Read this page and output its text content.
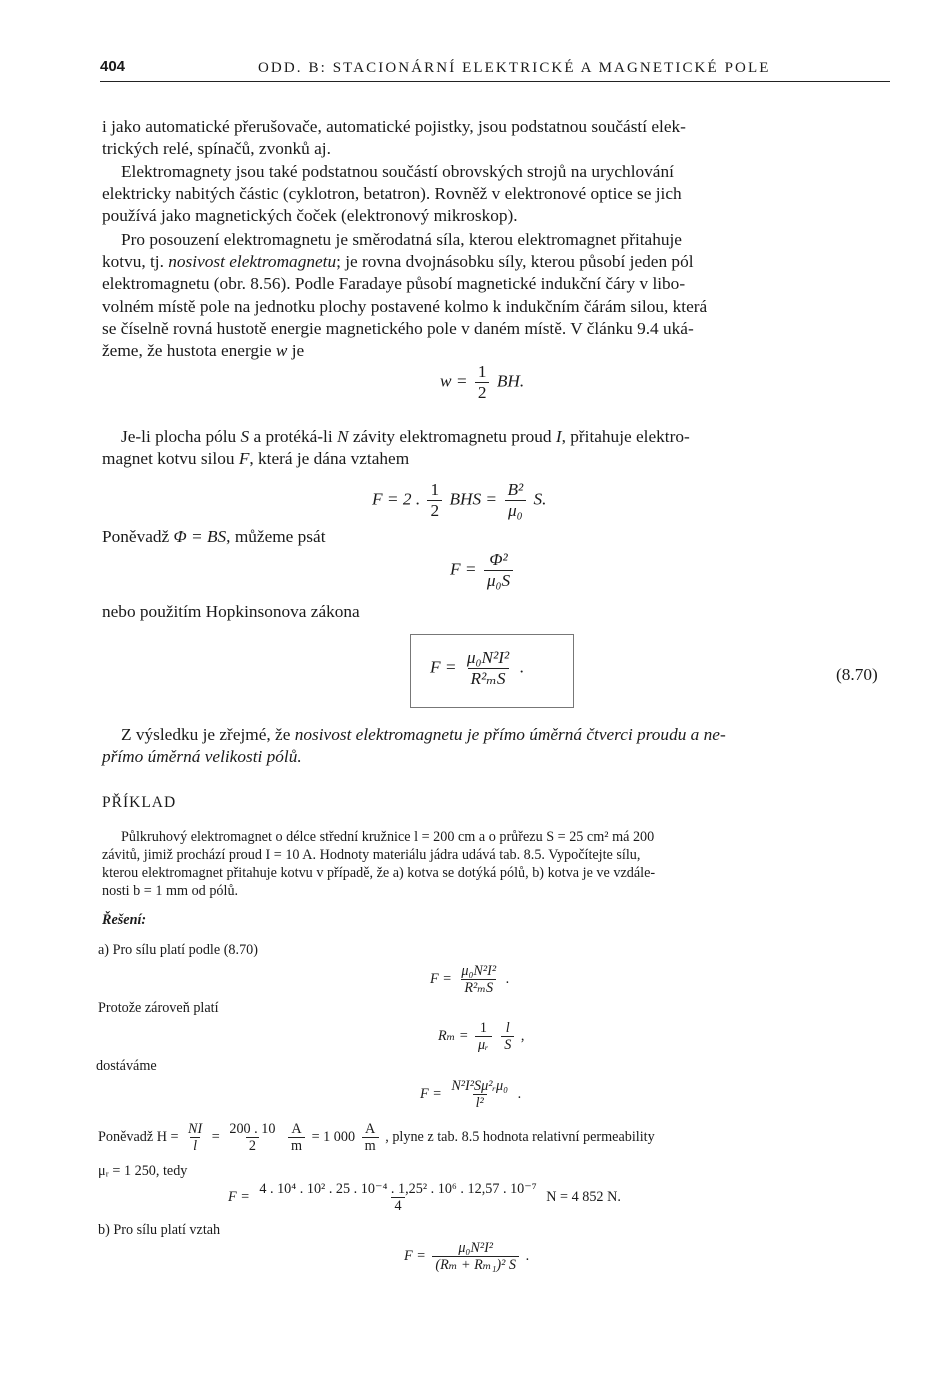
404	ODD. B: STACIONÁRNÍ ELEKTRICKÉ A MAGNETICKÉ POLE
i jako automatické přerušovače, automatické pojistky, jsou podstatnou součástí elek-
trických relé, spínačů, zvonků aj.
Elektromagnety jsou také podstatnou součástí obrovských strojů na urychlování
elektricky nabitých částic (cyklotron, betatron). Rovněž v elektronové optice se jich
používá jako magnetických čoček (elektronový mikroskop).
Pro posouzení elektromagnetu je směrodatná síla, kterou elektromagnet přitahuje
kotvu, tj. nosivost elektromagnetu; je rovna dvojnásobku síly, kterou působí jeden pól
elektromagnetu (obr. 8.56). Podle Faradaye působí magnetické indukční čáry v libo-
volném místě pole na jednotku plochy postavené kolmo k indukčním čárám silou, která
se číselně rovná hustotě energie magnetického pole v daném místě. V článku 9.4 uká-
žeme, že hustota energie w je
$w = \frac{1}{2}$ BH.
Je-li plocha pólu S a protéká-li N závity elektromagnetu proud I, přitahuje elektro-
magnet kotvu silou F, která je dána vztahem
F = 2 . $\frac{1}{2}$ BHS = $\frac{\text{B²}}{\text{μ₀}} S$.
Poněvadž Φ = BS, můžeme psát
$F = \frac{\text{Φ²}}{\text{μ₀S}}$
nebo použitím Hopkinsonova zákona
$F = \frac{\text{μ₀N²I²}}{\text{R²ₘS}}$ .	(8.70)
Z výsledku je zřejmé, že nosivost elektromagnetu je přímo úměrná čtverci proudu a ne-
přímo úměrná velikosti pólů.
PŘÍKLAD
Půlkruhový elektromagnet o délce střední kružnice l = 200 cm a o průřezu S = 25 cm² má 200
závitů, jimiž prochází proud I = 10 A. Hodnoty materiálu jádra udává tab. 8.5. Vypočítejte sílu,
kterou elektromagnet přitahuje kotvu v případě, že a) kotva se dotýká pólů, b) kotva je ve vzdále-
nosti b = 1 mm od pólů.
Řešení:
a) Pro sílu platí podle (8.70)
$F = \frac{\text{μ₀N²I²}}{\text{R²ₘS}}$ .
Protože zároveň platí
$R_m = \frac{1}{\text{μᵣ}}$
$\frac{l}{S}$ ,
dostáváme
$F = \frac{\text{N²I²Sμ²ᵣμ₀}}{\text{l²}}$ .
Poněvadž $H = \frac{NI}{l} = \frac{200 . 10}{2}$
$\frac{A}{m} = 1$ $000 \frac{A}{m}$ , plyne z tab. 8.5 hodnota relativní permeability
μᵣ = 1 250, tedy
$F = \frac{\text{4 . 10⁴ . 10² . 25 . 10⁻⁴ . 1,25² . 10⁶ . 12,57 . 10⁻⁷}}{4}$ N = 4 852 N.
b) Pro sílu platí vztah
$F = \frac{\text{μ₀N²I²}}{\text{(Rₘ + Rₘ₁)² S}}$ .
